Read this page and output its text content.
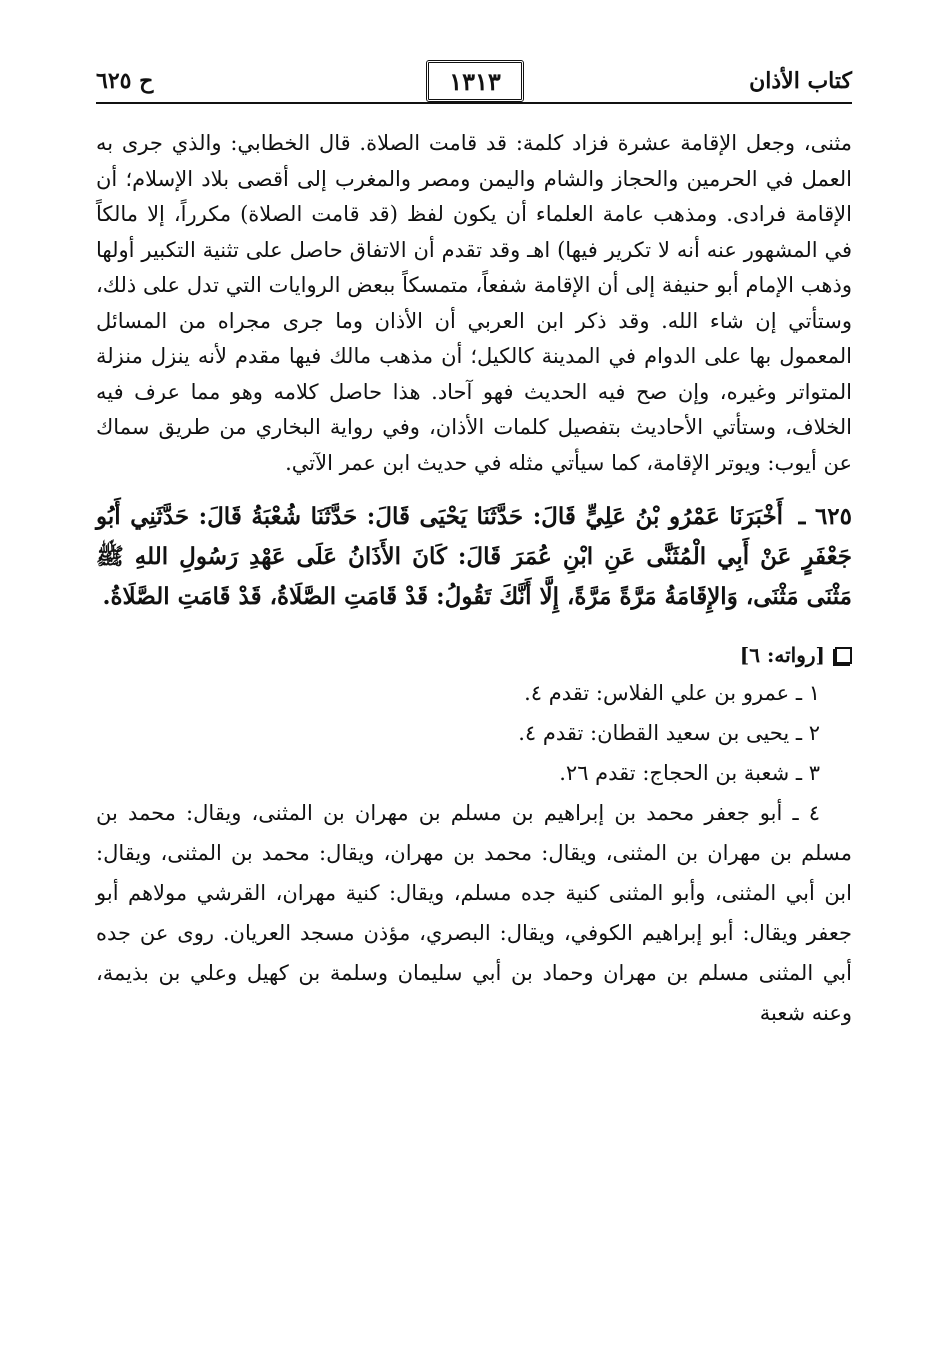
كتاب الأذان
١٣١٣
ح ٦٢٥

مثنى، وجعل الإقامة عشرة فزاد كلمة: قد قامت الصلاة. قال الخطابي: والذي جرى به العمل في الحرمين والحجاز والشام واليمن ومصر والمغرب إلى أقصى بلاد الإسلام؛ أن الإقامة فرادى. ومذهب عامة العلماء أن يكون لفظ (قد قامت الصلاة) مكرراً، إلا مالكاً في المشهور عنه أنه لا تكرير فيها) اهـ وقد تقدم أن الاتفاق حاصل على تثنية التكبير أولها وذهب الإمام أبو حنيفة إلى أن الإقامة شفعاً، متمسكاً ببعض الروايات التي تدل على ذلك، وستأتي إن شاء الله. وقد ذكر ابن العربي أن الأذان وما جرى مجراه من المسائل المعمول بها على الدوام في المدينة كالكيل؛ أن مذهب مالك فيها مقدم لأنه ينزل منزلة المتواتر وغيره، وإن صح فيه الحديث فهو آحاد. هذا حاصل كلامه وهو مما عرف فيه الخلاف، وستأتي الأحاديث بتفصيل كلمات الأذان، وفي رواية البخاري من طريق سماك عن أيوب: ويوتر الإقامة، كما سيأتي مثله في حديث ابن عمر الآتي.

٦٢٥ ـ أَخْبَرَنَا عَمْرُو بْنُ عَلِيٍّ قَالَ: حَدَّثَنَا يَحْيَى قَالَ: حَدَّثَنَا شُعْبَةُ قَالَ: حَدَّثَنِي أَبُو جَعْفَرٍ عَنْ أَبِي الْمُثَنَّى عَنِ ابْنِ عُمَرَ قَالَ: كَانَ الأَذَانُ عَلَى عَهْدِ رَسُولِ اللهِ ﷺ مَثْنَى مَثْنَى، وَالإِقَامَةُ مَرَّةً مَرَّةً، إِلَّا أَنَّكَ تَقُولُ: قَدْ قَامَتِ الصَّلَاةُ، قَدْ قَامَتِ الصَّلَاةُ.

[رواته: ٦]

١ ـ عمرو بن علي الفلاس: تقدم ٤.

٢ ـ يحيى بن سعيد القطان: تقدم ٤.

٣ ـ شعبة بن الحجاج: تقدم ٢٦.

٤ ـ أبو جعفر محمد بن إبراهيم بن مسلم بن مهران بن المثنى، ويقال: محمد بن مسلم بن مهران بن المثنى، ويقال: محمد بن مهران، ويقال: محمد بن المثنى، ويقال: ابن أبي المثنى، وأبو المثنى كنية جده مسلم، ويقال: كنية مهران، القرشي مولاهم أبو جعفر ويقال: أبو إبراهيم الكوفي، ويقال: البصري، مؤذن مسجد العريان. روى عن جده أبي المثنى مسلم بن مهران وحماد بن أبي سليمان وسلمة بن كهيل وعلي بن بذيمة، وعنه شعبة
